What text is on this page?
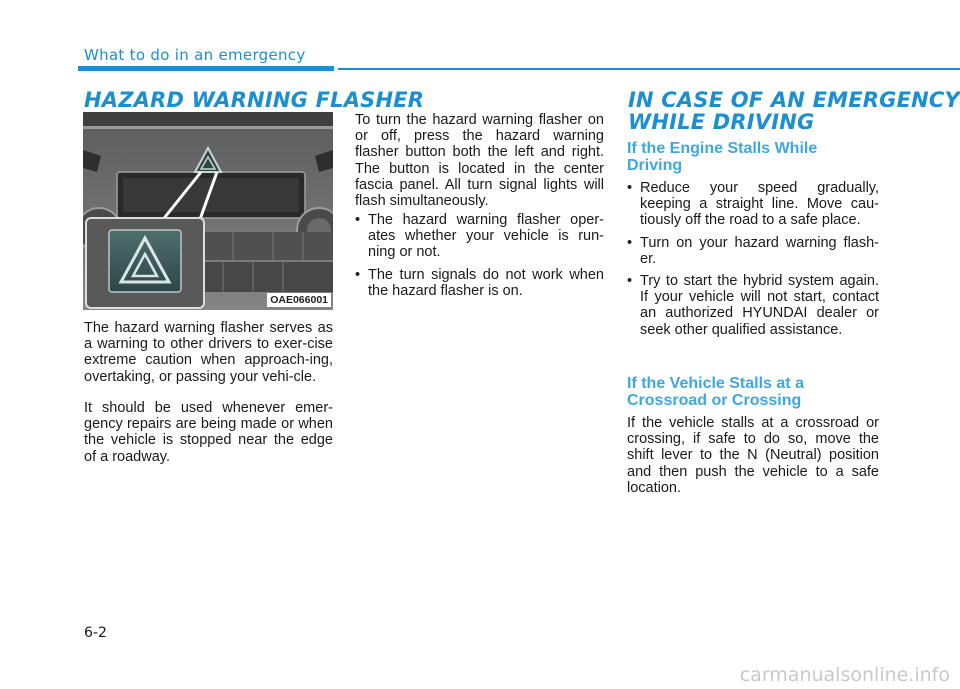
What to do in an emergency
HAZARD WARNING FLASHER
OAE066001

The hazard warning flasher serves as a warning to other drivers to exer-cise extreme caution when approach-ing, overtaking, or passing your vehi-cle.

It should be used whenever emer-gency repairs are being made or when the vehicle is stopped near the edge of a roadway.

To turn the hazard warning flasher on or off, press the hazard warning flasher button both the left and right. The button is located in the center fascia panel. All turn signal lights will flash simultaneously.

• The hazard warning flasher oper-ates whether your vehicle is run-ning or not.
• The turn signals do not work when the hazard flasher is on.
IN CASE OF AN EMERGENCY
WHILE DRIVING
If the Engine Stalls While Driving
• Reduce your speed gradually, keeping a straight line. Move cau-tiously off the road to a safe place.
• Turn on your hazard warning flash-er.
• Try to start the hybrid system again. If your vehicle will not start, contact an authorized HYUNDAI dealer or seek other qualified assistance.
If the Vehicle Stalls at a Crossroad or Crossing

If the vehicle stalls at a crossroad or crossing, if safe to do so, move the shift lever to the N (Neutral) position and then push the vehicle to a safe location.

6-2
carmanualsonline.info
